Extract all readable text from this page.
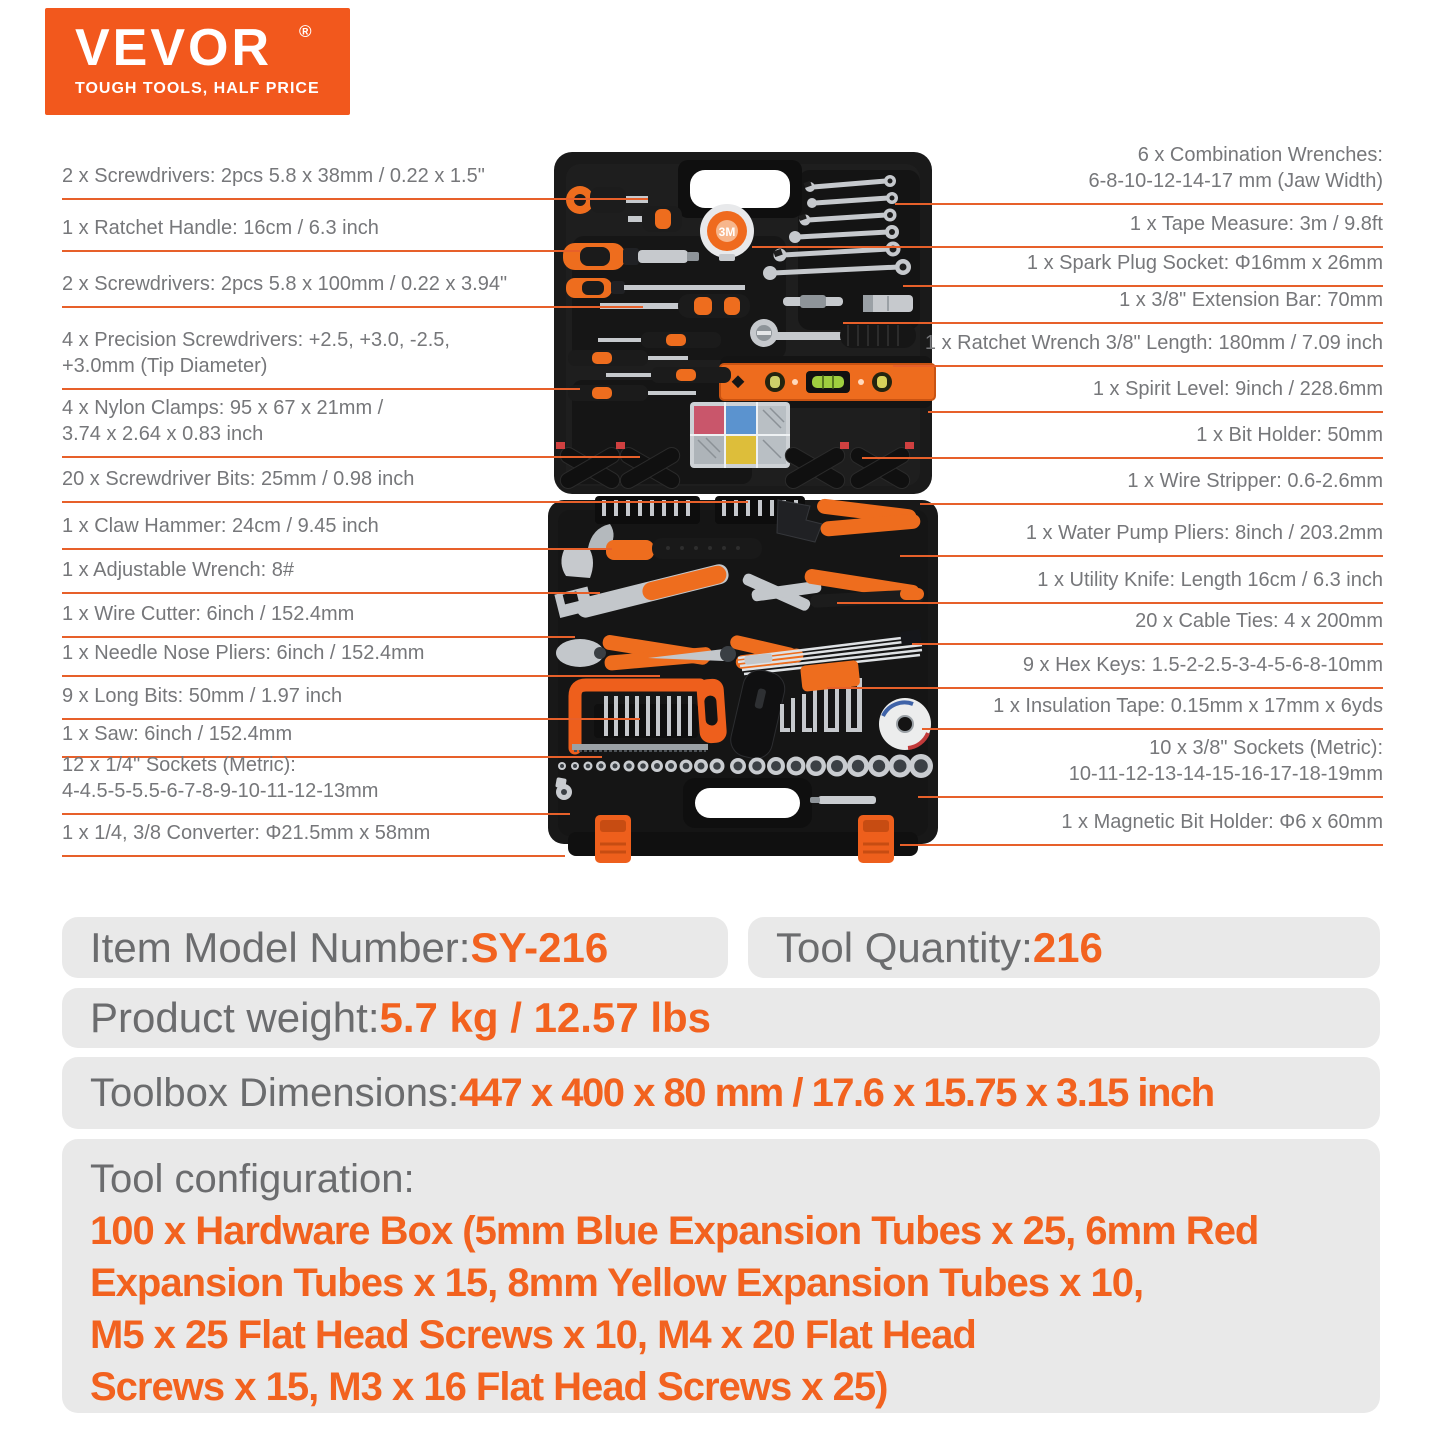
VEVOR ®
TOUGH TOOLS, HALF PRICE
3M
2 x Screwdrivers: 2pcs 5.8 x 38mm / 0.22 x 1.5"
1 x Ratchet Handle: 16cm / 6.3 inch
2 x Screwdrivers: 2pcs 5.8 x 100mm / 0.22 x 3.94"
4 x Precision Screwdrivers: +2.5, +3.0, -2.5,
+3.0mm (Tip Diameter)
4 x Nylon Clamps: 95 x 67 x 21mm /
3.74 x 2.64 x 0.83 inch
20 x Screwdriver Bits: 25mm / 0.98 inch
1 x Claw Hammer: 24cm / 9.45 inch
1 x Adjustable Wrench: 8#
1 x Wire Cutter: 6inch / 152.4mm
1 x Needle Nose Pliers: 6inch / 152.4mm
9 x Long Bits: 50mm / 1.97 inch
1 x Saw: 6inch / 152.4mm
12 x 1/4" Sockets (Metric):
4-4.5-5-5.5-6-7-8-9-10-11-12-13mm
1 x 1/4, 3/8 Converter: Φ21.5mm x 58mm
6 x Combination Wrenches:
6-8-10-12-14-17 mm (Jaw Width)
1 x Tape Measure: 3m / 9.8ft
1 x Spark Plug Socket: Φ16mm x 26mm
1 x 3/8" Extension Bar: 70mm
1 x Ratchet Wrench 3/8" Length: 180mm / 7.09 inch
1 x Spirit Level: 9inch / 228.6mm
1 x Bit Holder: 50mm
1 x Wire Stripper: 0.6-2.6mm
1 x Water Pump Pliers: 8inch / 203.2mm
1 x Utility Knife: Length 16cm / 6.3 inch
20 x Cable Ties: 4 x 200mm
9 x Hex Keys: 1.5-2-2.5-3-4-5-6-8-10mm
1 x Insulation Tape: 0.15mm x 17mm x 6yds
10 x 3/8" Sockets (Metric):
10-11-12-13-14-15-16-17-18-19mm
1 x Magnetic Bit Holder: Φ6 x 60mm
Item Model Number: SY-216	Tool Quantity: 216
Product weight: 5.7 kg / 12.57 lbs
Toolbox Dimensions: 447 x 400 x 80 mm / 17.6 x 15.75 x 3.15 inch
Tool configuration:
100 x Hardware Box (5mm Blue Expansion Tubes x 25, 6mm Red
Expansion Tubes x 15, 8mm Yellow Expansion Tubes x 10,
M5 x 25 Flat Head Screws x 10, M4 x 20 Flat Head
Screws x 15, M3 x 16 Flat Head Screws x 25)
